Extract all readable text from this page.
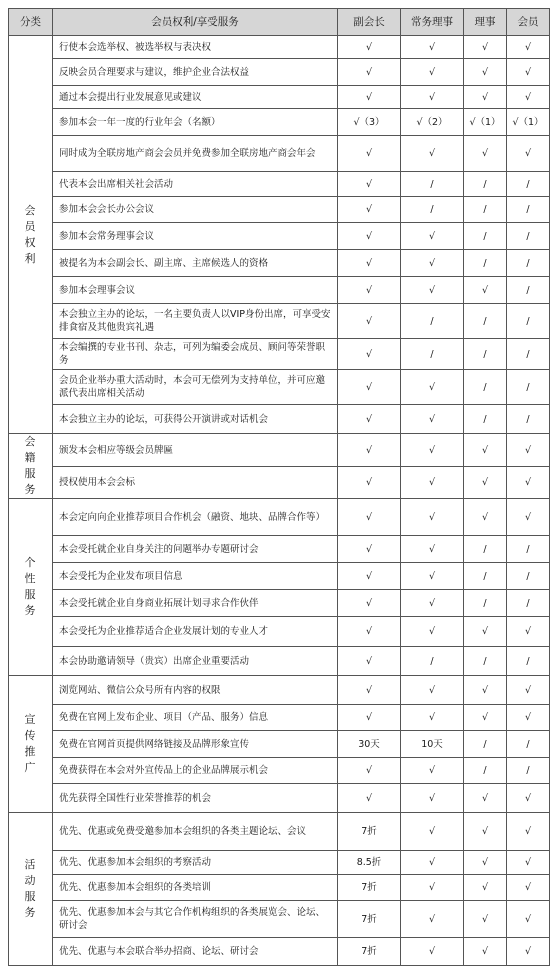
分类	会员权利/享受服务	副会长	常务理事	理事	会员

会
员
权
利	行使本会选举权、被选举权与表决权	√	√	√	√
	反映会员合理要求与建议，维护企业合法权益	√	√	√	√
	通过本会提出行业发展意见或建议	√	√	√	√
	参加本会一年一度的行业年会（名额）	√（3）	√（2）	√（1）	√（1）
	同时成为全联房地产商会会员并免费参加全联房地产商会年会	√	√	√	√
	代表本会出席相关社会活动	√	/	/	/
	参加本会会长办公会议	√	/	/	/
	参加本会常务理事会议	√	√	/	/
	被提名为本会副会长、副主席、主席候选人的资格	√	√	/	/
	参加本会理事会议	√	√	√	/
	本会独立主办的论坛，一名主要负责人以VIP身份出席，可享受安排食宿及其他贵宾礼遇	√	/	/	/
	本会编撰的专业书刊、杂志，可列为编委会成员、顾问等荣誉职务	√	/	/	/
	会员企业举办重大活动时，本会可无偿列为支持单位，并可应邀派代表出席相关活动	√	√	/	/
	本会独立主办的论坛，可获得公开演讲或对话机会	√	√	/	/

会
籍
服
务	颁发本会相应等级会员牌匾	√	√	√	√
	授权使用本会会标	√	√	√	√

个
性
服
务	本会定向向企业推荐项目合作机会（融资、地块、品牌合作等）	√	√	√	√
	本会受托就企业自身关注的问题举办专题研讨会	√	√	/	/
	本会受托为企业发布项目信息	√	√	/	/
	本会受托就企业自身商业拓展计划寻求合作伙伴	√	√	/	/
	本会受托为企业推荐适合企业发展计划的专业人才	√	√	√	√
	本会协助邀请领导（贵宾）出席企业重要活动	√	/	/	/

宣
传
推
广	浏览网站、微信公众号所有内容的权限	√	√	√	√
	免费在官网上发布企业、项目（产品、服务）信息	√	√	√	√
	免费在官网首页提供网络链接及品牌形象宣传	30天	10天	/	/
	免费获得在本会对外宣传品上的企业品牌展示机会	√	√	/	/
	优先获得全国性行业荣誉推荐的机会	√	√	√	√

活
动
服
务	优先、优惠或免费受邀参加本会组织的各类主题论坛、会议	7折	√	√	√
	优先、优惠参加本会组织的考察活动	8.5折	√	√	√
	优先、优惠参加本会组织的各类培训	7折	√	√	√
	优先、优惠参加本会与其它合作机构组织的各类展览会、论坛、研讨会	7折	√	√	√
	优先、优惠与本会联合举办招商、论坛、研讨会	7折	√	√	√
